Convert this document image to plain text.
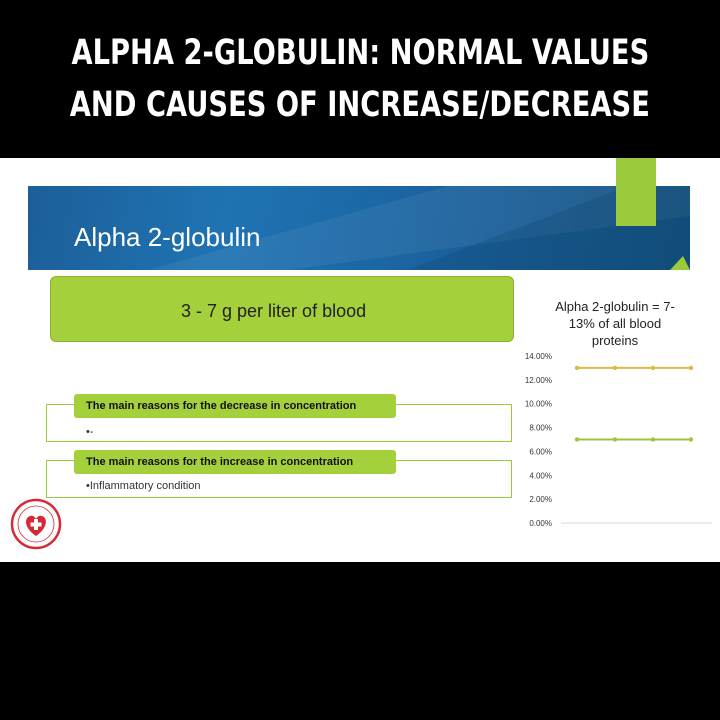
ALPHA 2-GLOBULIN: NORMAL VALUES
AND CAUSES OF INCREASE/DECREASE
Alpha 2-globulin
3 - 7 g per liter of blood
The main reasons for the decrease in concentration
•-
The main reasons for the increase in concentration
•Inflammatory condition
Alpha 2-globulin = 7-
13% of all blood
proteins
0.00%
2.00%
4.00%
6.00%
8.00%
10.00%
12.00%
14.00%
